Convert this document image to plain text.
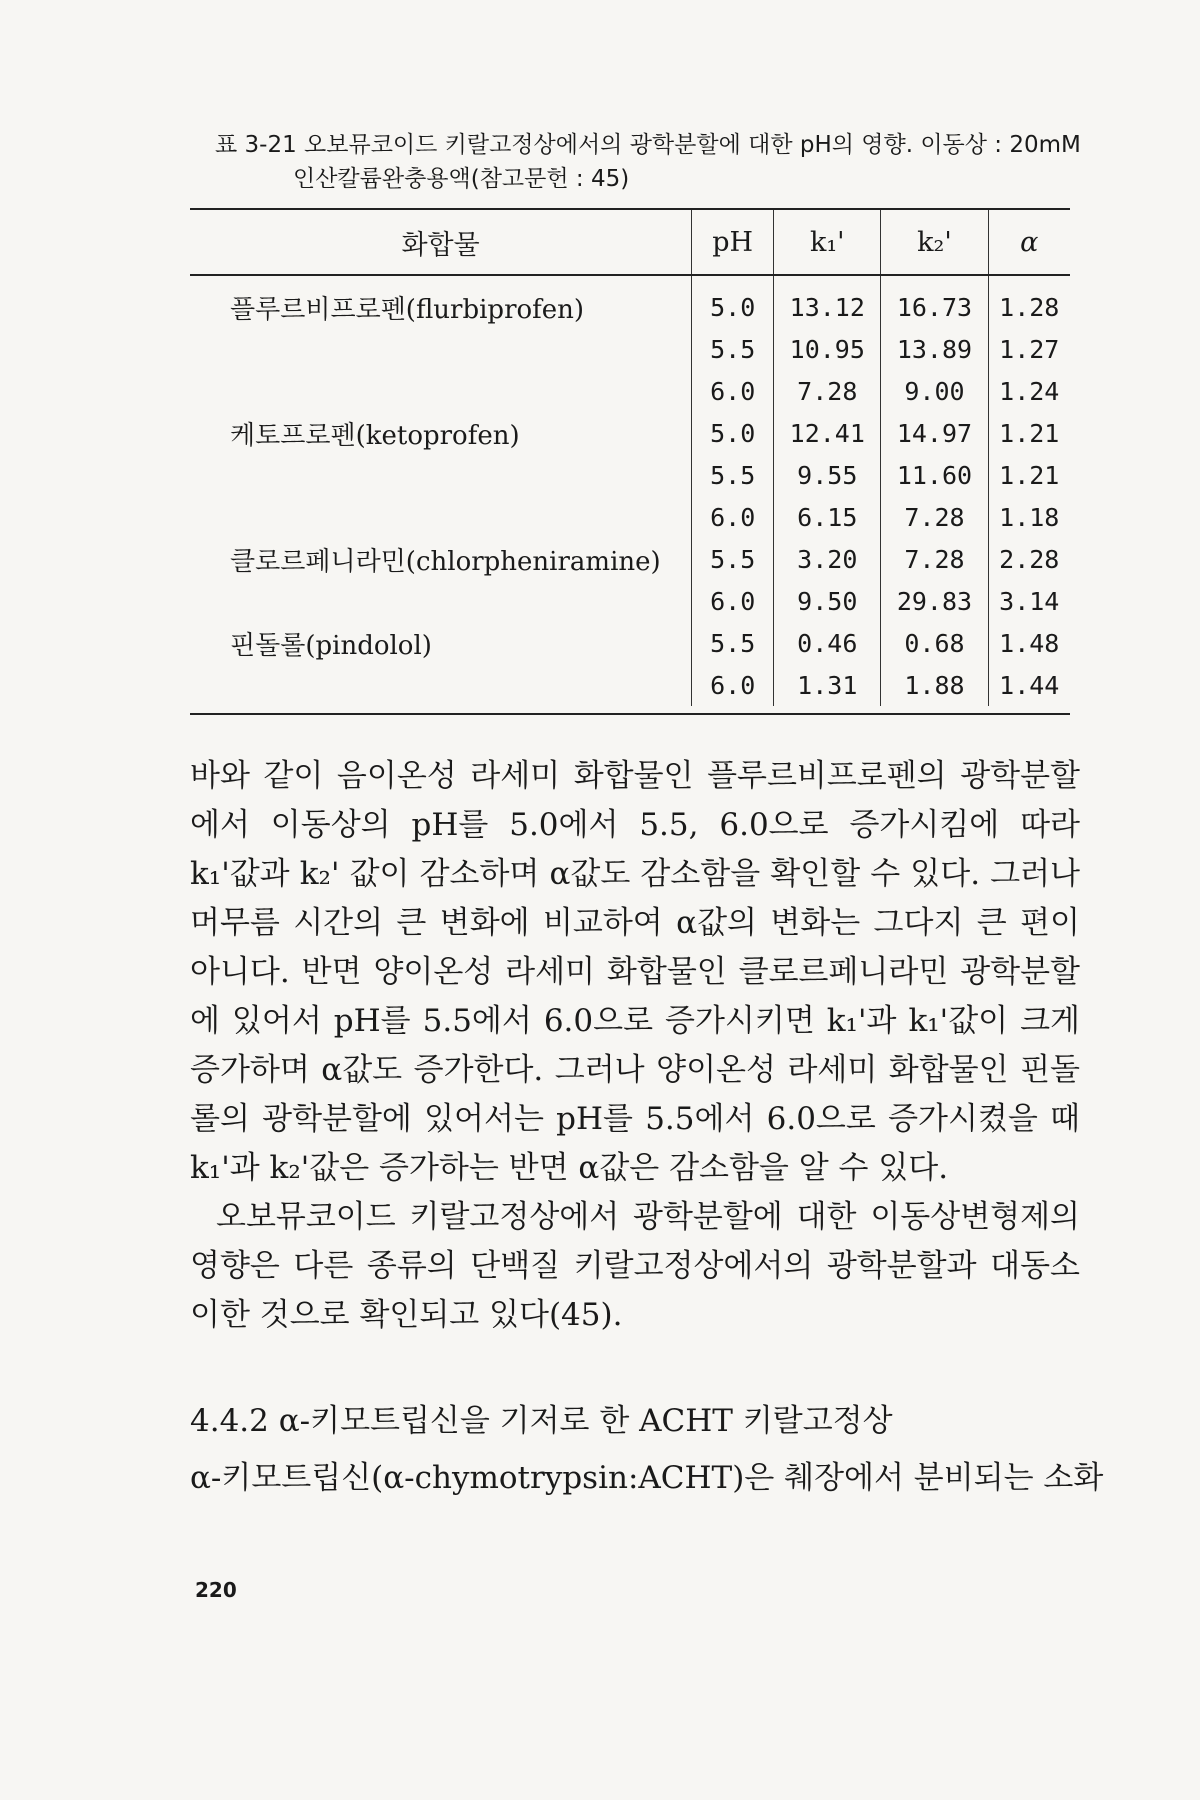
표 3-21 오보뮤코이드 키랄고정상에서의 광학분할에 대한 pH의 영향. 이동상 : 20mM
인산칼륨완충용액(참고문헌 : 45)
화합물	pH	k₁'	k₂'	α
플루르비프로펜(flurbiprofen)	5.0	13.12	16.73	1.28
	5.5	10.95	13.89	1.27
	6.0	7.28	9.00	1.24
케토프로펜(ketoprofen)	5.0	12.41	14.97	1.21
	5.5	9.55	11.60	1.21
	6.0	6.15	7.28	1.18
클로르페니라민(chlorpheniramine)	5.5	3.20	7.28	2.28
	6.0	9.50	29.83	3.14
핀돌롤(pindolol)	5.5	0.46	0.68	1.48
	6.0	1.31	1.88	1.44

바와 같이 음이온성 라세미 화합물인 플루르비프로펜의 광학분할에서 이동상의 pH를 5.0에서 5.5, 6.0으로 증가시킴에 따라 k₁'값과 k₂' 값이 감소하며 α값도 감소함을 확인할 수 있다. 그러나 머무름 시간의 큰 변화에 비교하여 α값의 변화는 그다지 큰 편이 아니다. 반면 양이온성 라세미 화합물인 클로르페니라민 광학분할에 있어서 pH를 5.5에서 6.0으로 증가시키면 k₁'과 k₁'값이 크게 증가하며 α값도 증가한다. 그러나 양이온성 라세미 화합물인 핀돌롤의 광학분할에 있어서는 pH를 5.5에서 6.0으로 증가시켰을 때 k₁'과 k₂'값은 증가하는 반면 α값은 감소함을 알 수 있다.

오보뮤코이드 키랄고정상에서 광학분할에 대한 이동상변형제의 영향은 다른 종류의 단백질 키랄고정상에서의 광학분할과 대동소이한 것으로 확인되고 있다(45).

4.4.2 α-키모트립신을 기저로 한 ACHT 키랄고정상
α-키모트립신(α-chymotrypsin:ACHT)은 췌장에서 분비되는 소화
220
